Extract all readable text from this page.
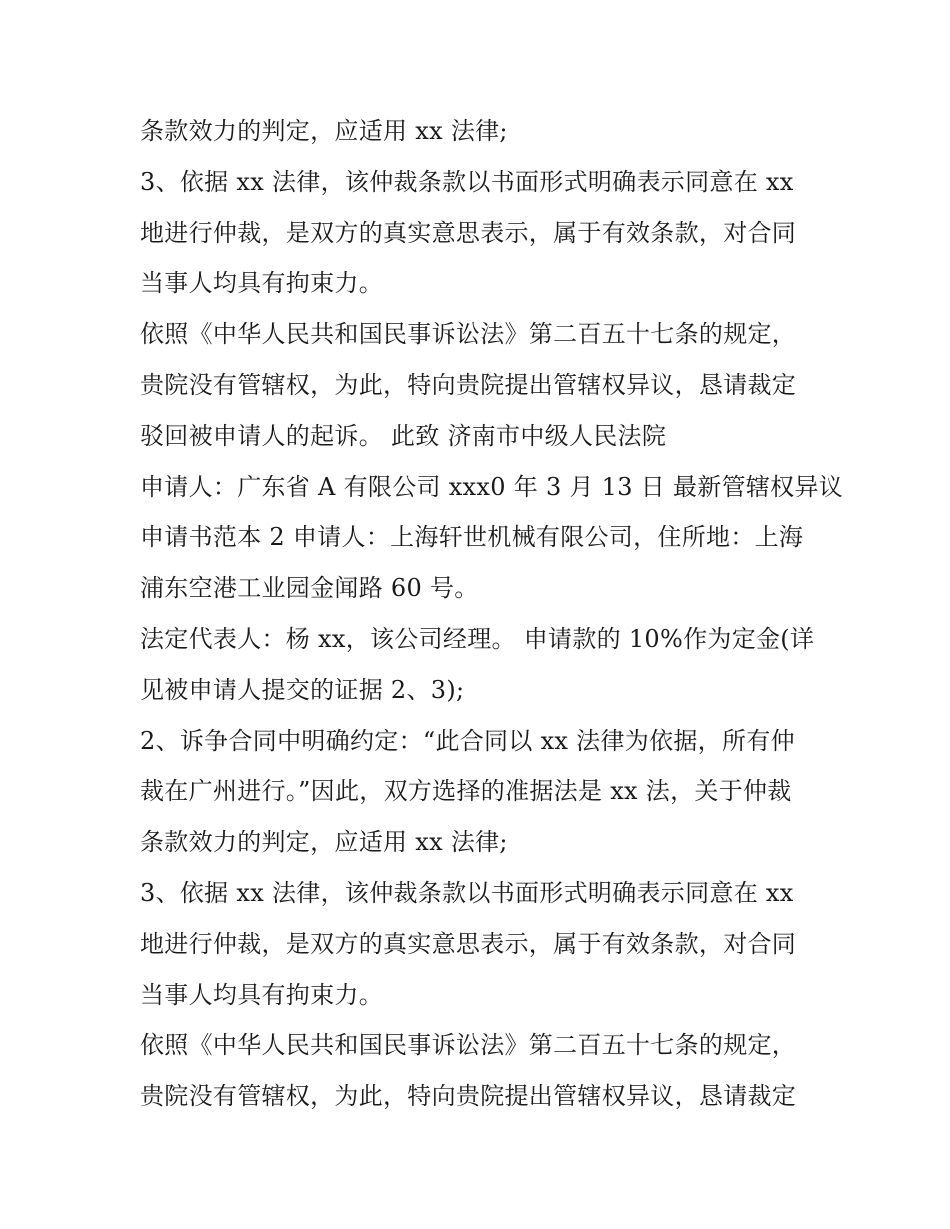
条款效力的判定，应适用 xx 法律;
3、依据 xx 法律，该仲裁条款以书面形式明确表示同意在 xx
地进行仲裁，是双方的真实意思表示，属于有效条款，对合同
当事人均具有拘束力。
依照《中华人民共和国民事诉讼法》第二百五十七条的规定，
贵院没有管辖权，为此，特向贵院提出管辖权异议，恳请裁定
驳回被申请人的起诉。 此致 济南市中级人民法院
申请人：广东省 A 有限公司 xxx0 年 3 月 13 日 最新管辖权异议
申请书范本 2 申请人：上海轩世机械有限公司，住所地：上海
浦东空港工业园金闻路 60 号。
法定代表人：杨 xx，该公司经理。 申请款的 10%作为定金(详
见被申请人提交的证据 2、3);
2、诉争合同中明确约定：“此合同以 xx 法律为依据，所有仲
裁在广州进行。”因此，双方选择的准据法是 xx 法，关于仲裁
条款效力的判定，应适用 xx 法律;
3、依据 xx 法律，该仲裁条款以书面形式明确表示同意在 xx
地进行仲裁，是双方的真实意思表示，属于有效条款，对合同
当事人均具有拘束力。
依照《中华人民共和国民事诉讼法》第二百五十七条的规定，
贵院没有管辖权，为此，特向贵院提出管辖权异议，恳请裁定
